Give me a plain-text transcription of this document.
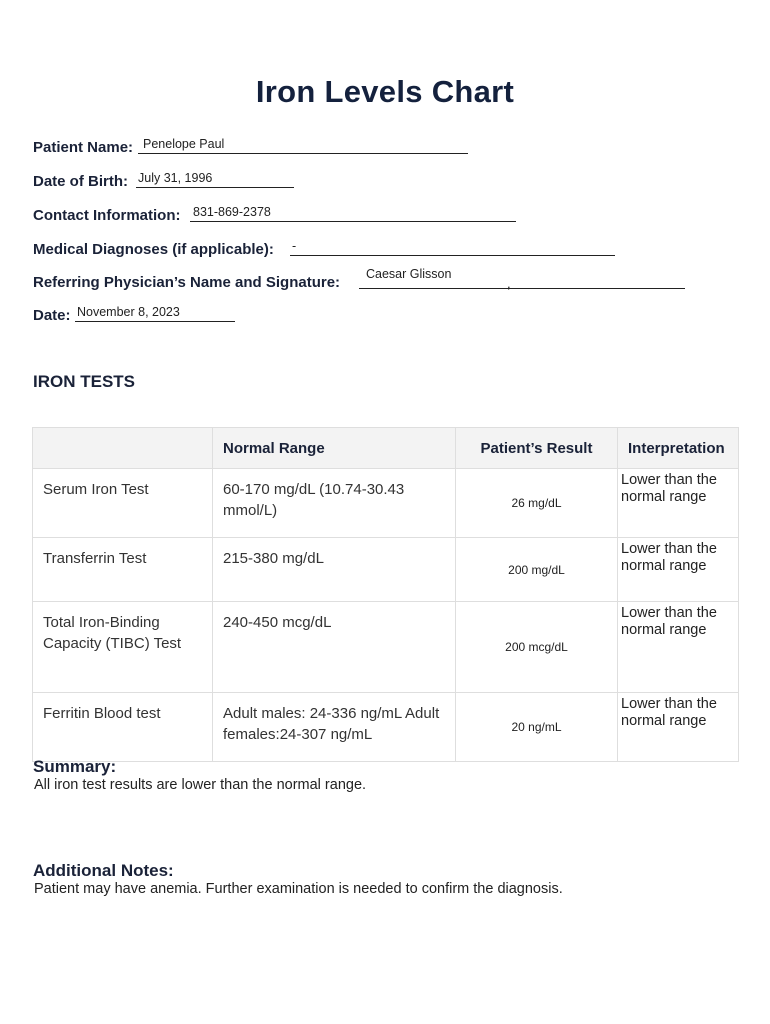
Iron Levels Chart
Patient Name: Penelope Paul
Date of Birth: July 31, 1996
Contact Information: 831-869-2378
Medical Diagnoses (if applicable): -
Referring Physician’s Name and Signature: Caesar Glisson
,
Date: November 8, 2023
IRON TESTS
	Normal Range	Patient’s Result	Interpretation
Serum Iron Test	60-170 mg/dL (10.74-30.43 mmol/L)	26 mg/dL	Lower than the normal range
Transferrin Test	215-380 mg/dL	200 mg/dL	Lower than the normal range
Total Iron-Binding Capacity (TIBC) Test	240-450 mcg/dL	200 mcg/dL	Lower than the normal range
Ferritin Blood test	Adult males: 24-336 ng/mL Adult females:24-307 ng/mL	20 ng/mL	Lower than the normal range
Summary:
All iron test results are lower than the normal range.
Additional Notes:
Patient may have anemia. Further examination is needed to confirm the diagnosis.
